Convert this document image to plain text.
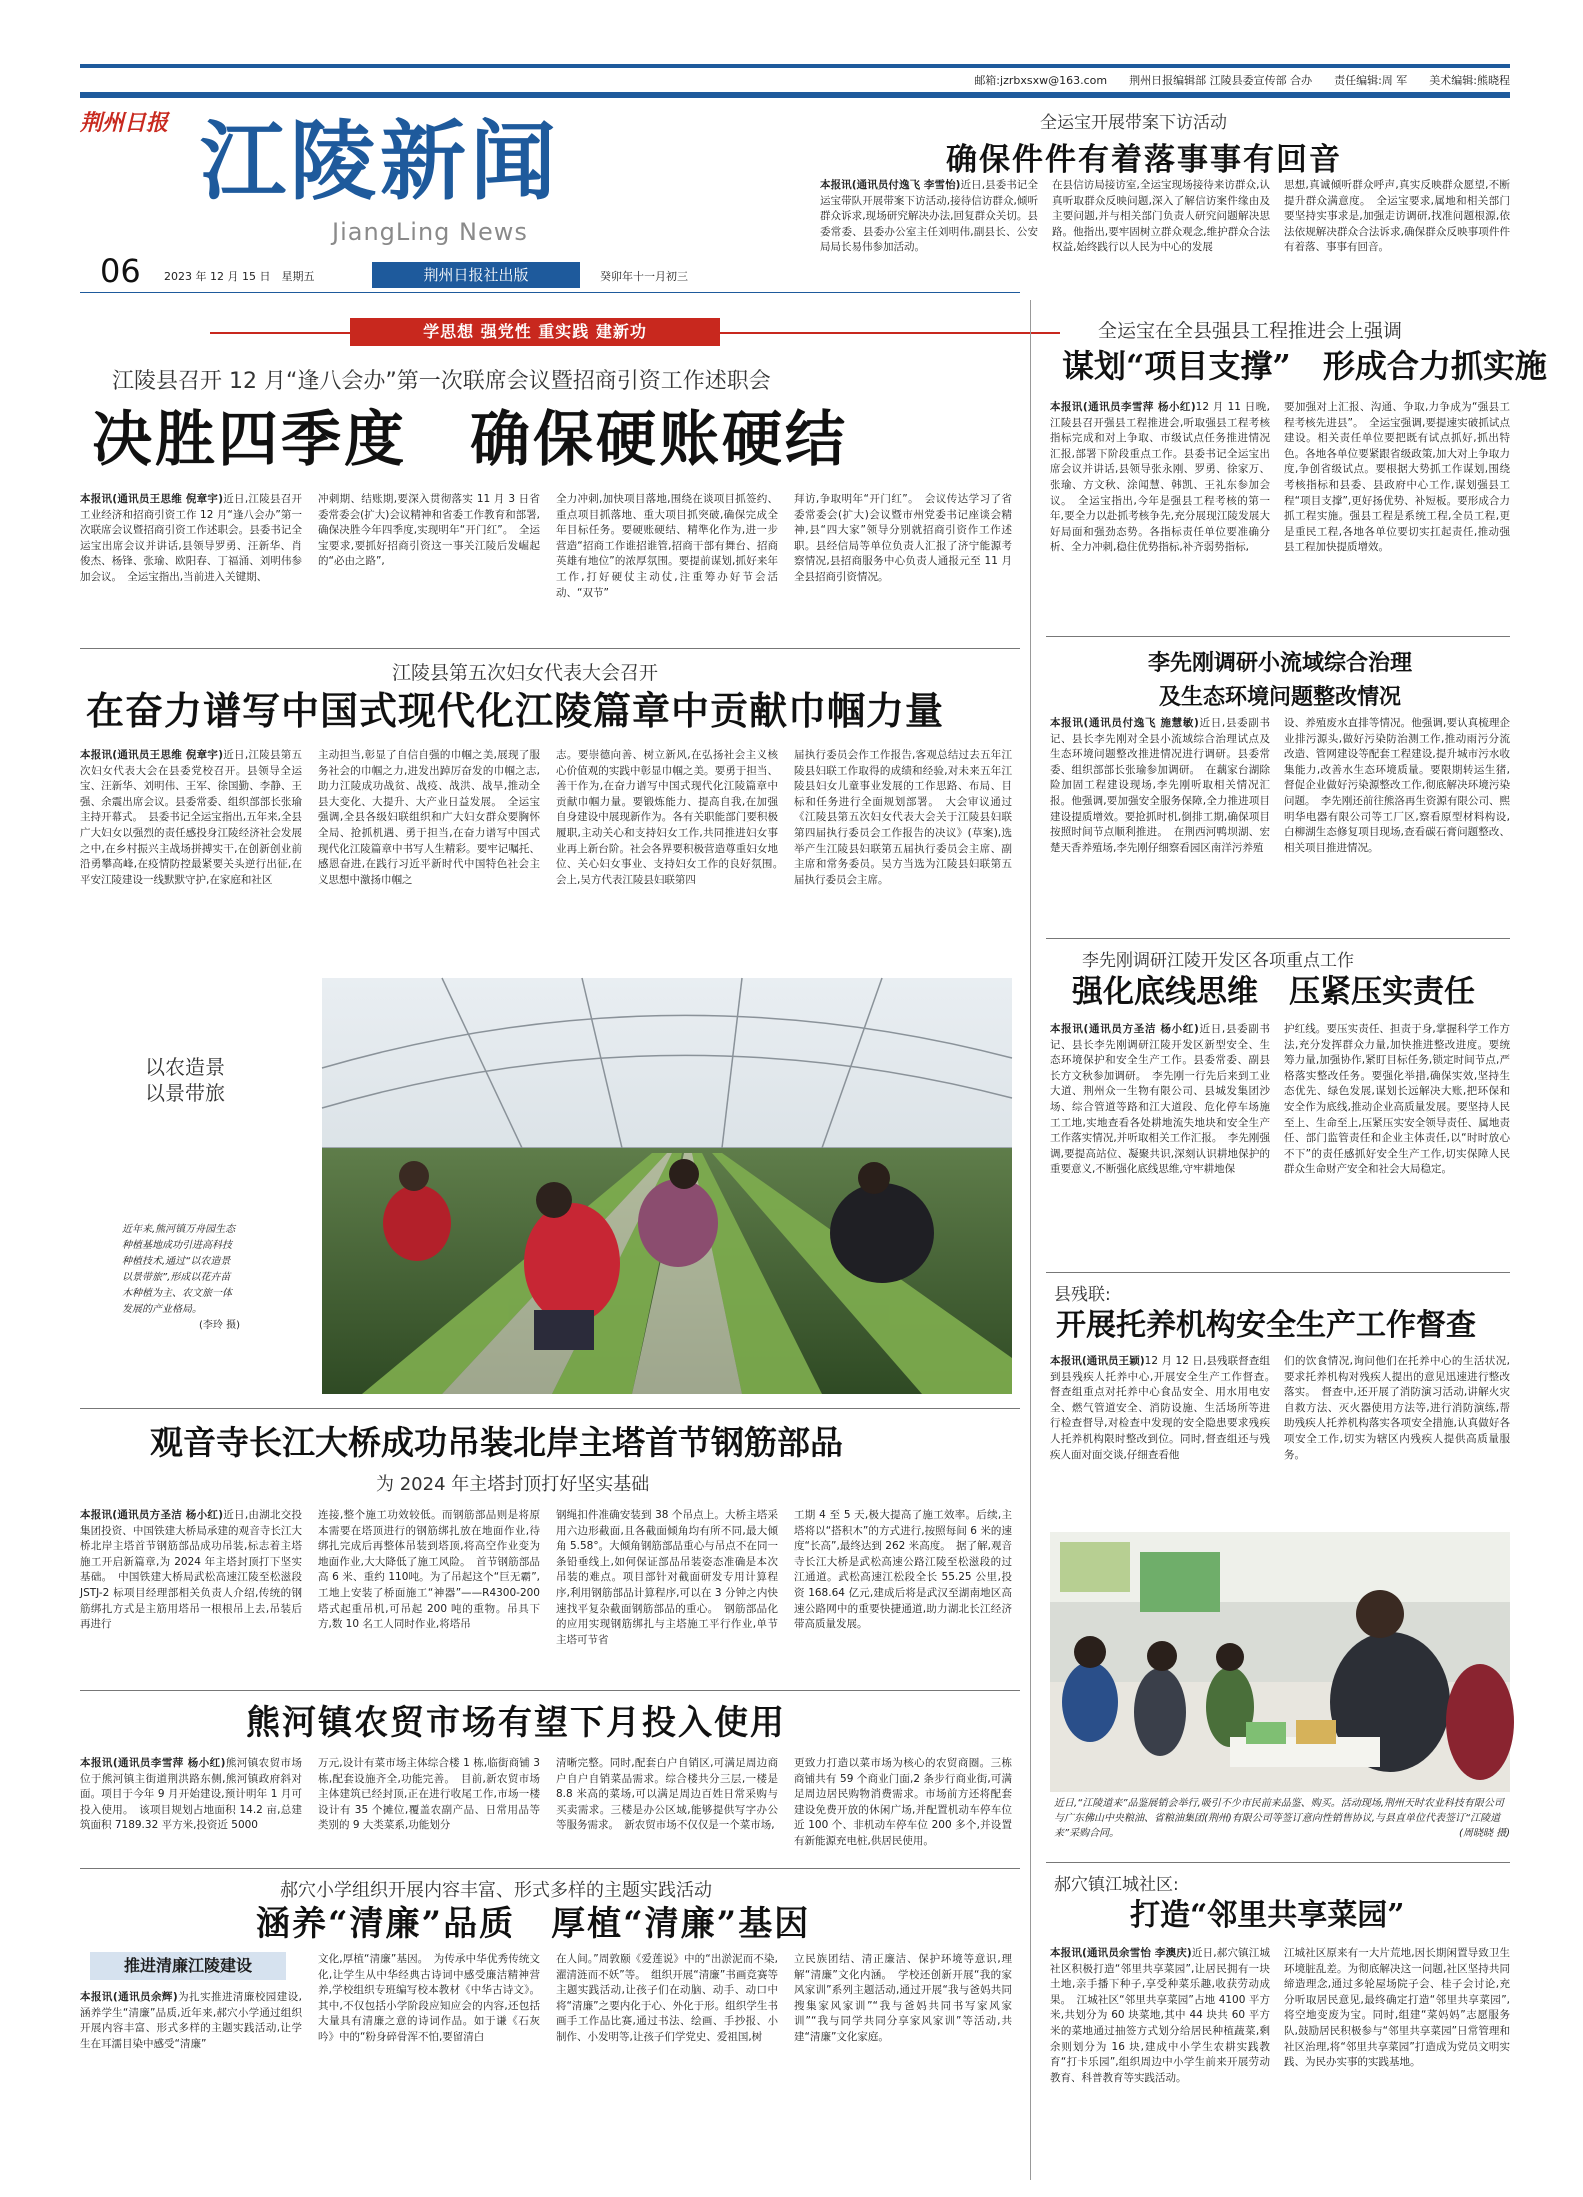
邮箱:jzrbxsxw@163.com　　荆州日报编辑部 江陵县委宣传部 合办　　责任编辑:周 军　　美术编辑:熊晓程
荆州日报 江陵新闻
JiangLing News
06 2023 年 12 月 15 日　星期五	荆州日报社出版	癸卯年十一月初三
全运宝开展带案下访活动
确保件件有着落事事有回音

本报讯(通讯员付逸飞 李雪怡)近日,县委书记全运宝带队开展带案下访活动,接待信访群众,倾听群众诉求,现场研究解决办法,回复群众关切。县委常委、县委办公室主任刘明伟,副县长、公安局局长易伟参加活动。

在县信访局接访室,全运宝现场接待来访群众,认真听取群众反映问题,深入了解信访案件缘由及主要问题,并与相关部门负责人研究问题解决思路。他指出,要牢固树立群众观念,维护群众合法权益,始终践行以人民为中心的发展

思想,真诚倾听群众呼声,真实反映群众愿望,不断提升群众满意度。　全运宝要求,属地和相关部门要坚持实事求是,加强走访调研,找准问题根源,依法依规解决群众合法诉求,确保群众反映事项件件有着落、事事有回音。

学思想 强党性 重实践 建新功
江陵县召开 12 月“逢八会办”第一次联席会议暨招商引资工作述职会
决胜四季度　确保硬账硬结

本报讯(通讯员王思维 倪章宇)近日,江陵县召开工业经济和招商引资工作 12 月“逢八会办”第一次联席会议暨招商引资工作述职会。县委书记全运宝出席会议并讲话,县领导罗勇、汪新华、肖俊杰、杨锋、张瑜、欧阳春、丁福涌、刘明伟参加会议。　全运宝指出,当前进入关键期、

冲刺期、结账期,要深入贯彻落实 11 月 3 日省委常委会(扩大)会议精神和省委工作教育和部署,确保决胜今年四季度,实现明年“开门红”。　全运宝要求,要抓好招商引资这一事关江陵后发崛起的“必由之路”,

全力冲刺,加快项目落地,围绕在谈项目抓签约、重点项目抓落地、重大项目抓突破,确保完成全年目标任务。要硬账硬结、精準化作为,进一步营造“招商工作谁招谁管,招商干部有舞台、招商英雄有地位”的浓厚氛围。要提前谋划,抓好来年工作,打好硬仗主动仗,注重筹办好节会活动、“双节”

拜访,争取明年“开门红”。　会议传达学习了省委常委会(扩大)会议暨市州党委书记座谈会精神,县“四大家”领导分别就招商引资作工作述职。县经信局等单位负责人汇报了济宁能源考察情况,县招商服务中心负责人通报元至 11 月全县招商引资情况。

江陵县第五次妇女代表大会召开
在奋力谱写中国式现代化江陵篇章中贡献巾帼力量

本报讯(通讯员王思维 倪章宇)近日,江陵县第五次妇女代表大会在县委党校召开。县领导全运宝、汪新华、刘明伟、王军、徐国勤、李静、王强、余震出席会议。县委常委、组织部部长张瑜主持开幕式。　县委书记全运宝指出,五年来,全县广大妇女以强烈的责任感投身江陵经济社会发展之中,在乡村振兴主战场拼搏实干,在创新创业前沿勇攀高峰,在疫情防控最紧要关头逆行出征,在平安江陵建设一线默默守护,在家庭和社区

主动担当,彰显了自信自强的巾帼之美,展现了服务社会的巾帼之力,进发出踔厉奋发的巾帼之志,助力江陵成功战贫、战疫、战洪、战旱,推动全县大变化、大提升、大产业日益发展。　全运宝强调,全县各级妇联组织和广大妇女群众要胸怀全局、抢抓机遇、勇于担当,在奋力谱写中国式现代化江陵篇章中书写人生精彩。要牢记嘱托、感恩奋进,在践行习近平新时代中国特色社会主义思想中激扬巾帼之

志。要崇德向善、树立新风,在弘扬社会主义核心价值观的实践中彰显巾帼之美。要勇于担当、善干作为,在奋力谱写中国式现代化江陵篇章中贡献巾帼力量。要锻炼能力、提高自我,在加强自身建设中展现新作为。各有关职能部门要积极履职,主动关心和支持妇女工作,共同推进妇女事业再上新台阶。社会各界要积极营造尊重妇女地位、关心妇女事业、支持妇女工作的良好氛围。　会上,吴方代表江陵县妇联第四

届执行委员会作工作报告,客观总结过去五年江陵县妇联工作取得的成绩和经验,对未来五年江陵县妇女儿童事业发展的工作思路、布局、目标和任务进行全面规划部署。　大会审议通过《江陵县第五次妇女代表大会关于江陵县妇联第四届执行委员会工作报告的决议》(草案),选举产生江陵县妇联第五届执行委员会主席、副主席和常务委员。吴方当选为江陵县妇联第五届执行委员会主席。

以农造景
以景带旅
近年来,熊河镇万舟园生态种植基地成功引进高科技种植技术,通过“以农造景 以景带旅”,形成以花卉苗木种植为主、农文旅一体发展的产业格局。
(李玲 摄)
观音寺长江大桥成功吊装北岸主塔首节钢筋部品
为 2024 年主塔封顶打好坚实基础

本报讯(通讯员方圣洁 杨小红)近日,由湖北交投集团投资、中国铁建大桥局承建的观音寺长江大桥北岸主塔首节钢筋部品成功吊装,标志着主塔施工开启新篇章,为 2024 年主塔封顶打下坚实基础。　中国铁建大桥局武松高速江陵至松滋段 JSTJ-2 标项目经理部相关负责人介绍,传统的钢筋绑扎方式是主筋用塔吊一根根吊上去,吊装后再进行

连接,整个施工功效较低。而钢筋部品则是将原本需要在塔顶进行的钢筋绑扎放在地面作业,待绑扎完成后再整体吊装到塔顶,将高空作业变为地面作业,大大降低了施工风险。　首节钢筋部品高 6 米、重约 110吨。为了吊起这个“巨无霸”,工地上安装了桥面施工“神器”——R4300-200 塔式起重吊机,可吊起 200 吨的重物。吊具下方,数 10 名工人同时作业,将塔吊

钢绳扣件准确安装到 38 个吊点上。大桥主塔采用六边形截面,且各截面倾角均有所不同,最大倾角 5.58°。大倾角钢筋部品重心与吊点不在同一条铅垂线上,如何保证部品吊装姿态准确是本次吊装的难点。项目部针对截面研发专用计算程序,利用钢筋部品计算程序,可以在 3 分钟之内快速找平复杂截面钢筋部品的重心。　钢筋部品化的应用实现钢筋绑扎与主塔施工平行作业,单节主塔可节省

工期 4 至 5 天,极大提高了施工效率。后续,主塔将以“搭积木”的方式进行,按照每间 6 米的速度“长高”,最终达到 262 米高度。　据了解,观音寺长江大桥是武松高速公路江陵至松滋段的过江通道。武松高速江松段全长 55.25 公里,投资 168.64 亿元,建成后将是武汉至湖南地区高速公路网中的重要快捷通道,助力湖北长江经济带高质量发展。

熊河镇农贸市场有望下月投入使用

本报讯(通讯员李雪萍 杨小红)熊河镇农贸市场位于熊河镇主街道荆洪路东侧,熊河镇政府斜对面。项目于今年 9 月开始建设,预计明年 1 月可投入使用。　该项目规划占地面积 14.2 亩,总建筑面积 7189.32 平方米,投资近 5000

万元,设计有菜市场主体综合楼 1 栋,临街商铺 3 栋,配套设施齐全,功能完善。　目前,新农贸市场主体建筑已经封顶,正在进行收尾工作,市场一楼设计有 35 个摊位,覆盖农副产品、日常用品等类别的 9 大类菜系,功能划分

清晰完整。同时,配套白户自销区,可满足周边商户自户自销菜品需求。综合楼共分三层,一楼是 8.8 米高的菜场,可以满足周边百姓日常采购与买卖需求。三楼是办公区域,能够提供写字办公等服务需求。　新农贸市场不仅仅是一个菜市场,

更致力打造以菜市场为核心的农贸商圈。三栋商铺共有 59 个商业门面,2 条步行商业街,可满足周边居民购物消费需求。市场前方还将配套建设免费开放的休闲广场,并配置机动车停车位近 100 个、非机动车停车位 200 多个,并设置有新能源充电桩,供居民使用。

郝穴小学组织开展内容丰富、形式多样的主题实践活动
涵养“清廉”品质　厚植“清廉”基因
推进清廉江陵建设

本报讯(通讯员余辉)为扎实推进清廉校园建设,涵养学生“清廉”品质,近年来,郝穴小学通过组织开展内容丰富、形式多样的主题实践活动,让学生在耳濡目染中感受“清廉”

文化,厚植“清廉”基因。　为传承中华优秀传统文化,让学生从中华经典古诗词中感受廉洁精神营养,学校组织专班编写校本教材《中华古诗文》。其中,不仅包括小学阶段应知应会的内容,还包括大量具有清廉之意的诗词作品。如于谦《石灰吟》中的“粉身碎骨浑不怕,要留清白

在人间。”周敦颐《爱莲说》中的“出淤泥而不染,濯清涟而不妖”等。　组织开展“清廉”书画竞赛等主题实践活动,让孩子们在动脑、动手、动口中将“清廉”之要内化于心、外化于形。组织学生书画手工作品比赛,通过书法、绘画、手抄报、小制作、小发明等,让孩子们学党史、爱祖国,树

立民族团结、清正廉洁、保护环境等意识,理解“清廉”文化内涵。　学校还创新开展“我的家风家训”系列主题活动,通过开展“我与爸妈共同搜集家风家训”“我与爸妈共同书写家风家训”“我与同学共同分享家风家训”等活动,共建“清廉”文化家庭。

全运宝在全县强县工程推进会上强调
谋划“项目支撑”　形成合力抓实施

本报讯(通讯员李雪萍 杨小红)12 月 11 日晚,江陵县召开强县工程推进会,听取强县工程考核指标完成和对上争取、市级试点任务推进情况汇报,部署下阶段重点工作。县委书记全运宝出席会议并讲话,县领导张永刚、罗勇、徐家万、张瑜、方文秋、涂闻慧、韩凯、王礼东参加会议。　全运宝指出,今年是强县工程考核的第一年,要全力以赴抓考核争先,充分展现江陵发展大好局面和强劲态势。各指标责任单位要准确分析、全力冲刺,稳住优势指标,补齐弱势指标,

要加强对上汇报、沟通、争取,力争成为“强县工程考核先进县”。　全运宝强调,要提速实破抓试点建设。相关责任单位要把既有试点抓好,抓出特色。各地各单位要紧跟省级政策,加大对上争取力度,争创省级试点。要根据大势抓工作谋划,围绕考核指标和县委、县政府中心工作,谋划强县工程“项目支撑”,更好扬优势、补短板。要形成合力抓工程实施。强县工程是系统工程,全员工程,更是重民工程,各地各单位要切实扛起责任,推动强县工程加快提质增效。

李先刚调研小流域综合治理
及生态环境问题整改情况

本报讯(通讯员付逸飞 施慧敏)近日,县委副书记、县长李先刚对全县小流域综合治理试点及生态环境问题整改推进情况进行调研。县委常委、组织部部长张瑜参加调研。　在藕家台湖除险加固工程建设现场,李先刚听取相关情况汇报。他强调,要加强安全服务保障,全力推进项目建设提质增效。要抢抓时机,倒排工期,确保项目按照时间节点顺利推进。　在荆西河鸭坝湖、宏楚天香养殖场,李先刚仔细察看园区南洋污养殖

设、养殖废水直排等情况。他强调,要认真梳理企业排污源头,做好污染防治测工作,推动雨污分流改造、管网建设等配套工程建设,提升城市污水收集能力,改善水生态环境质量。要限期转运生猪,督促企业做好污染源整改工作,彻底解决环境污染问题。　李先刚还前往熊洛再生资源有限公司、熙明华电器有限公司等工厂区,察看原型材料构设,白柳湖生态修复项目现场,查看碳石膏问题整改、相关项目推进情况。

李先刚调研江陵开发区各项重点工作
强化底线思维　压紧压实责任

本报讯(通讯员方圣洁 杨小红)近日,县委副书记、县长李先刚调研江陵开发区新型安全、生态环境保护和安全生产工作。县委常委、副县长方文秋参加调研。　李先刚一行先后来到工业大道、荆州众一生物有限公司、县城发集团沙场、综合管道等路和江大道段、危化停车场施工工地,实地查看各处耕地流失地块和安全生产工作落实情况,并听取相关工作汇报。　李先刚强调,要提高站位、凝聚共识,深刻认识耕地保护的重要意义,不断强化底线思维,守牢耕地保

护红线。要压实责任、担责于身,掌握科学工作方法,充分发挥群众力量,加快推进整改进度。要统筹力量,加强协作,紧盯目标任务,锁定时间节点,严格落实整改任务。要强化举措,确保实效,坚持生态优先、绿色发展,谋划长远解决大账,把环保和安全作为底线,推动企业高质量发展。要坚持人民至上、生命至上,压紧压实安全领导责任、属地责任、部门监管责任和企业主体责任,以“时时放心不下”的责任感抓好安全生产工作,切实保障人民群众生命财产安全和社会大局稳定。

县残联:
开展托养机构安全生产工作督查

本报讯(通讯员王颖)12 月 12 日,县残联督查组到县残疾人托养中心,开展安全生产工作督查。　督查组重点对托养中心食品安全、用水用电安全、燃气管道安全、消防设施、生活场所等进行检查督导,对检查中发现的安全隐患要求残疾人托养机构限时整改到位。同时,督查组还与残疾人面对面交谈,仔细查看他

们的饮食情况,询问他们在托养中心的生活状况,要求托养机构对残疾人提出的意见迅速进行整改落实。　督查中,还开展了消防演习活动,讲解火灾自救方法、灭火器使用方法等,进行消防演练,帮助残疾人托养机构落实各项安全措施,认真做好各项安全工作,切实为辖区内残疾人提供高质量服务。

近日,“江陵道来”品鉴展销会举行,吸引不少市民前来品鉴、购买。活动现场,荆州天时农业科技有限公司与广东佛山中央粮油、省粮油集团(荆州)有限公司等签订意向性销售协议,与县直单位代表签订“江陵道来”采购合同。	(周晓晓 摄)
郝穴镇江城社区:
打造“邻里共享菜园”

本报讯(通讯员余雪怡 李澳庆)近日,郝穴镇江城社区积极打造“邻里共享菜园”,让居民拥有一块土地,亲手播下种子,享受种菜乐趣,收获劳动成果。　江城社区“邻里共享菜园”占地 4100 平方米,共划分为 60 块菜地,其中 44 块共 60 平方米的菜地通过抽签方式划分给居民种植蔬菜,剩余则划分为 16 块,建成中小学生农耕实践教育“打卡乐园”,组织周边中小学生前来开展劳动教育、科普教育等实践活动。

江城社区原来有一大片荒地,因长期闲置导致卫生环境脏乱差。为彻底解决这一问题,社区坚持共同缔造理念,通过多轮屋场院子会、桂子会讨论,充分听取居民意见,最终确定打造“邻里共享菜园”,将空地变废为宝。同时,组建“菜妈妈”志愿服务队,鼓励居民积极参与“邻里共享菜园”日常管理和社区治理,将“邻里共享菜园”打造成为党员文明实践、为民办实事的实践基地。
